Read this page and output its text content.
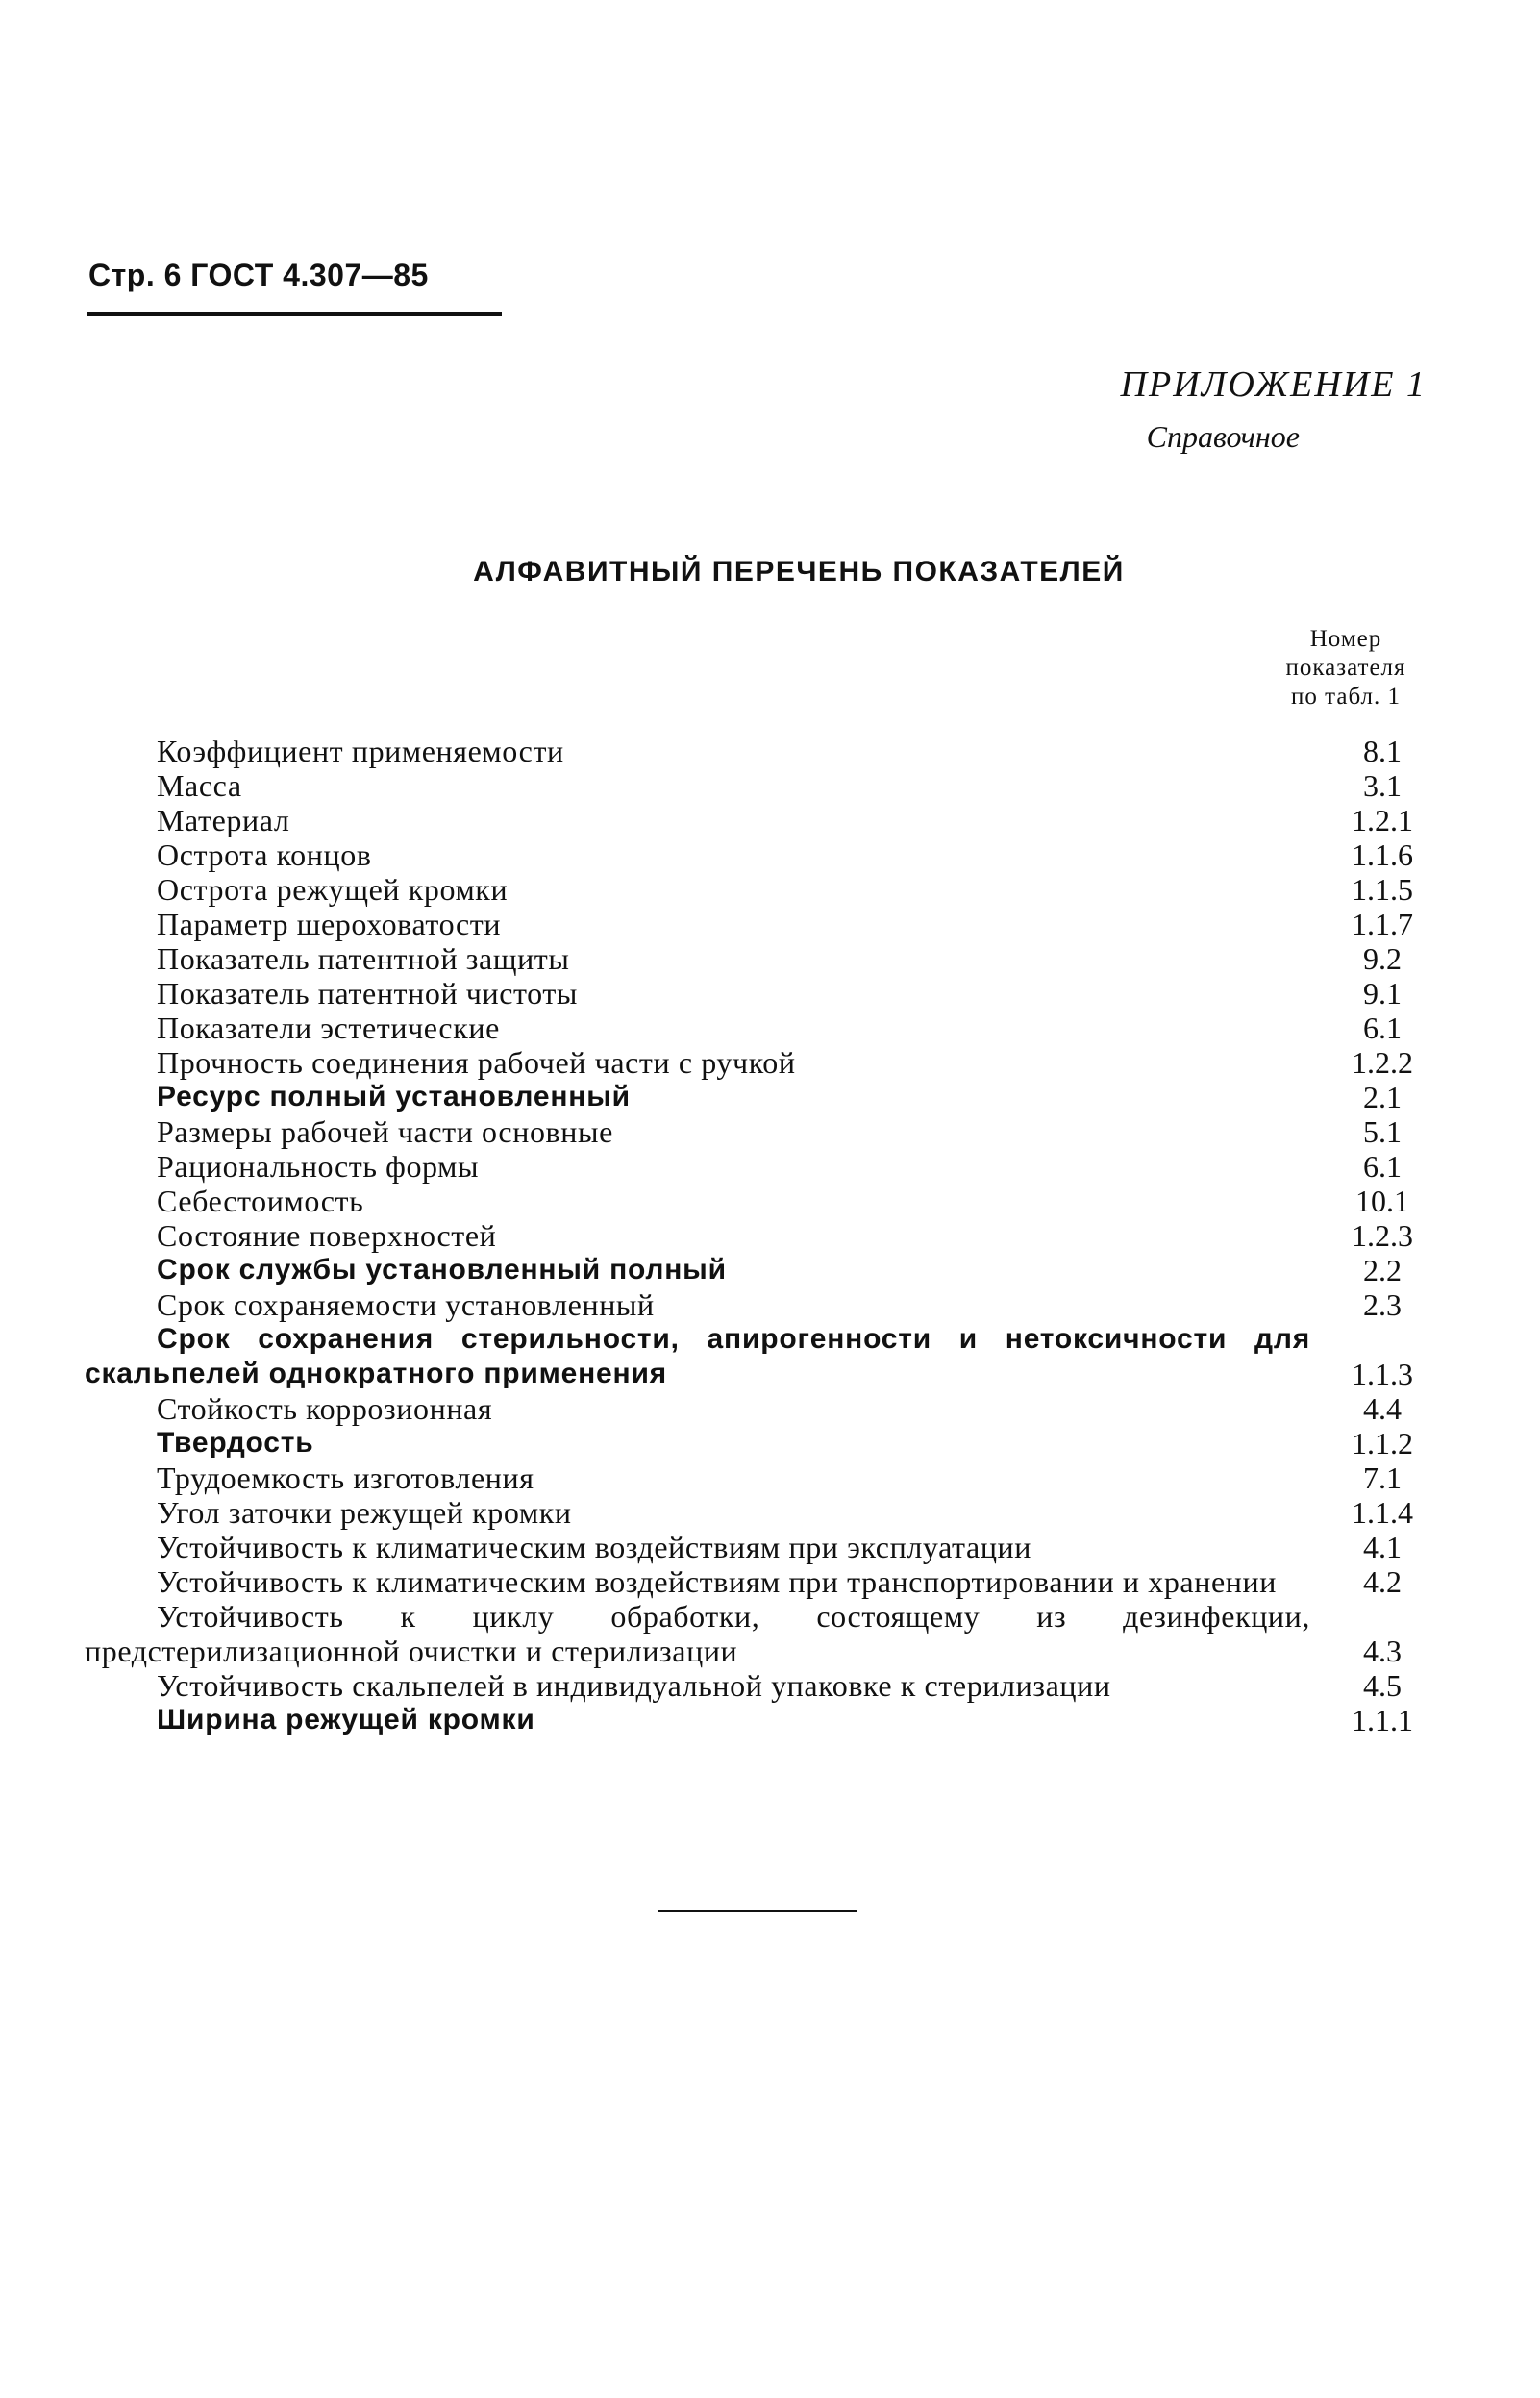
Стр. 6 ГОСТ 4.307—85
ПРИЛОЖЕНИЕ 1
Справочное
АЛФАВИТНЫЙ ПЕРЕЧЕНЬ ПОКАЗАТЕЛЕЙ
Номер
показателя
по табл. 1
Коэффициент применяемости	8.1
Масса	3.1
Материал	1.2.1
Острота концов	1.1.6
Острота режущей кромки	1.1.5
Параметр шероховатости	1.1.7
Показатель патентной защиты	9.2
Показатель патентной чистоты	9.1
Показатели эстетические	6.1
Прочность соединения рабочей части с ручкой	1.2.2
Ресурс полный установленный	2.1
Размеры рабочей части основные	5.1
Рациональность формы	6.1
Себестоимость	10.1
Состояние поверхностей	1.2.3
Срок службы установленный полный	2.2
Срок сохраняемости установленный	2.3
Срок сохранения стерильности, апирогенности и нетоксичности для скальпелей однократного применения	1.1.3
Стойкость коррозионная	4.4
Твердость	1.1.2
Трудоемкость изготовления	7.1
Угол заточки режущей кромки	1.1.4
Устойчивость к климатическим воздействиям при эксплуатации	4.1
Устойчивость к климатическим воздействиям при транспортировании и хранении	4.2
Устойчивость к циклу обработки, состоящему из дезинфекции, предстерилизационной очистки и стерилизации	4.3
Устойчивость скальпелей в индивидуальной упаковке к стерилизации	4.5
Ширина режущей кромки	1.1.1
